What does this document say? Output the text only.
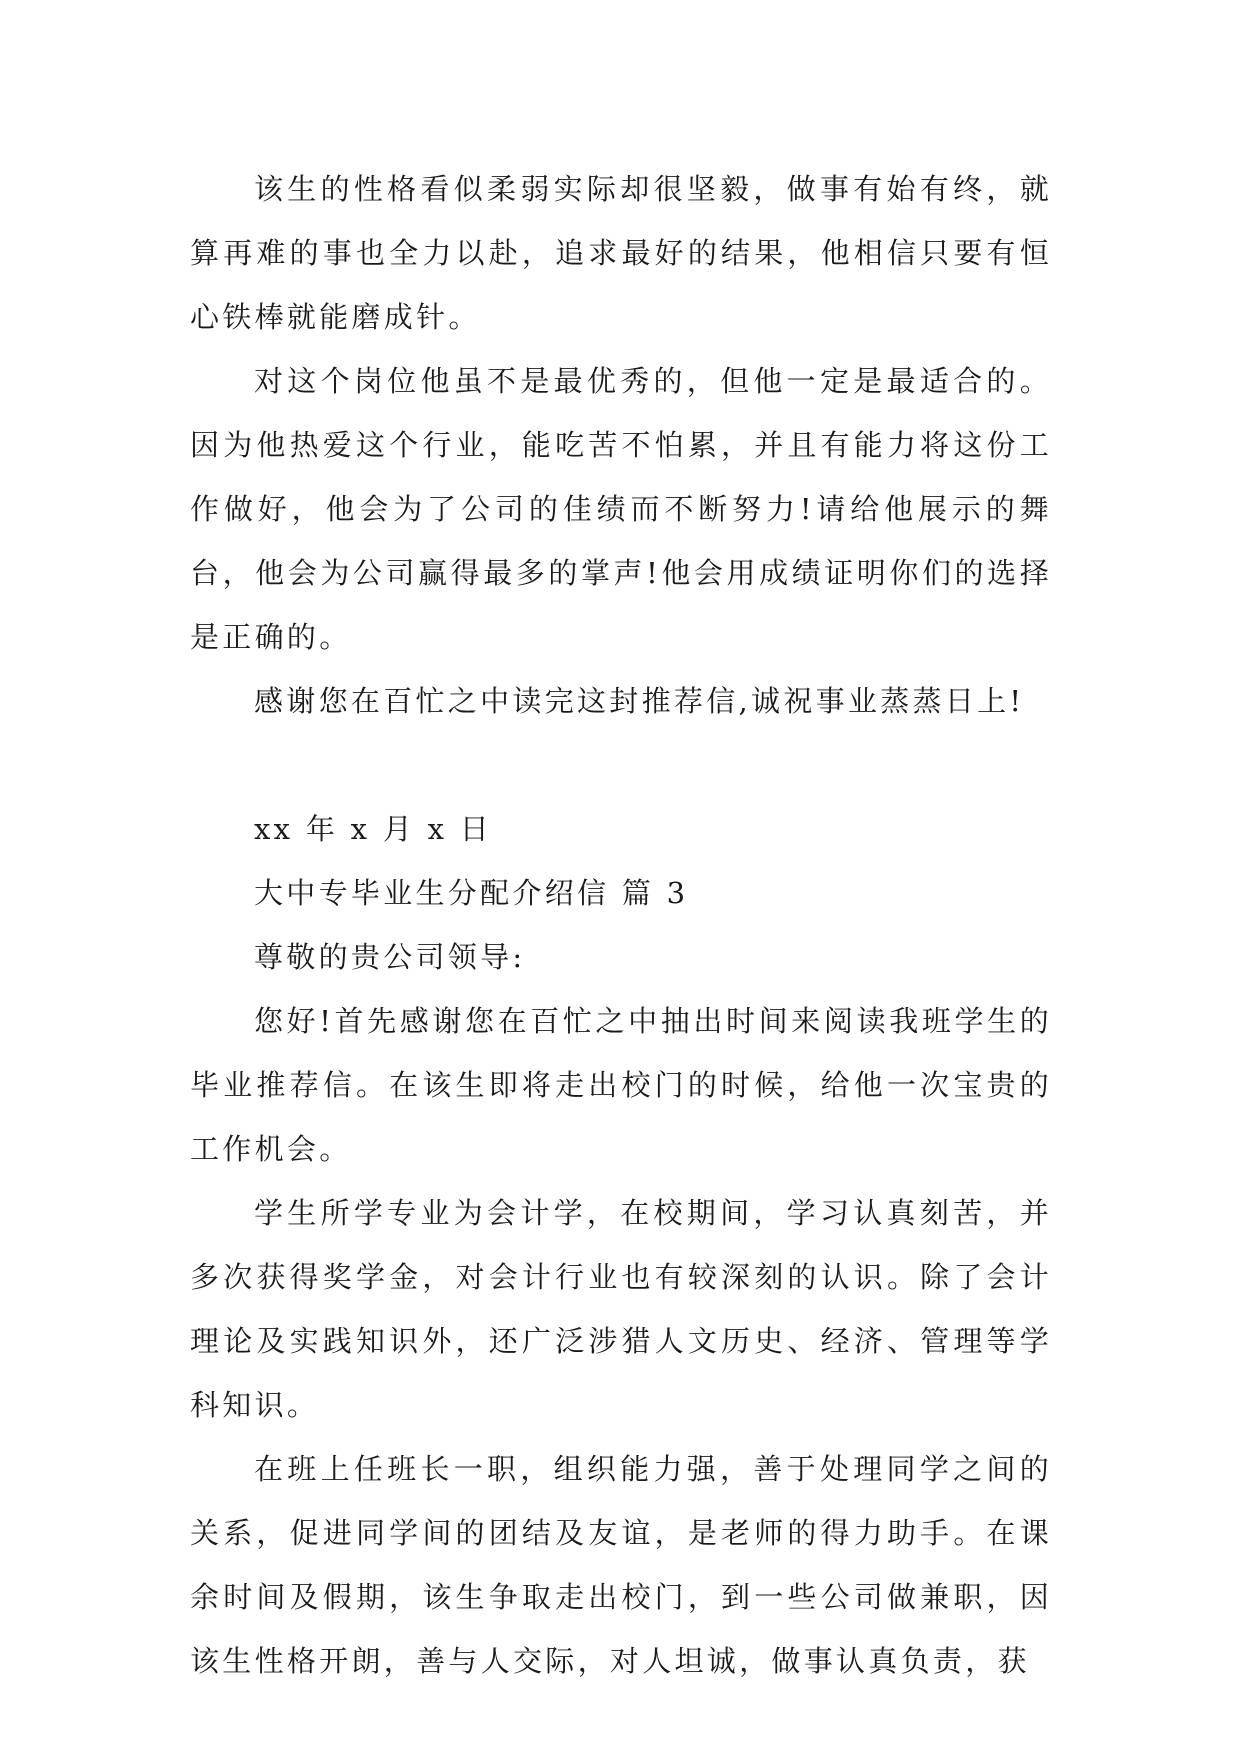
该生的性格看似柔弱实际却很坚毅，做事有始有终，就算再难的事也全力以赴，追求最好的结果，他相信只要有恒心铁棒就能磨成针。

对这个岗位他虽不是最优秀的，但他一定是最适合的。因为他热爱这个行业，能吃苦不怕累，并且有能力将这份工作做好，他会为了公司的佳绩而不断努力!请给他展示的舞台，他会为公司赢得最多的掌声!他会用成绩证明你们的选择是正确的。

感谢您在百忙之中读完这封推荐信,诚祝事业蒸蒸日上!

xx 年 x 月 x 日

大中专毕业生分配介绍信 篇 3

尊敬的贵公司领导:

您好!首先感谢您在百忙之中抽出时间来阅读我班学生的毕业推荐信。在该生即将走出校门的时候，给他一次宝贵的工作机会。

学生所学专业为会计学，在校期间，学习认真刻苦，并多次获得奖学金，对会计行业也有较深刻的认识。除了会计理论及实践知识外，还广泛涉猎人文历史、经济、管理等学科知识。

在班上任班长一职，组织能力强，善于处理同学之间的关系，促进同学间的团结及友谊，是老师的得力助手。在课余时间及假期，该生争取走出校门，到一些公司做兼职，因该生性格开朗，善与人交际，对人坦诚，做事认真负责，获
